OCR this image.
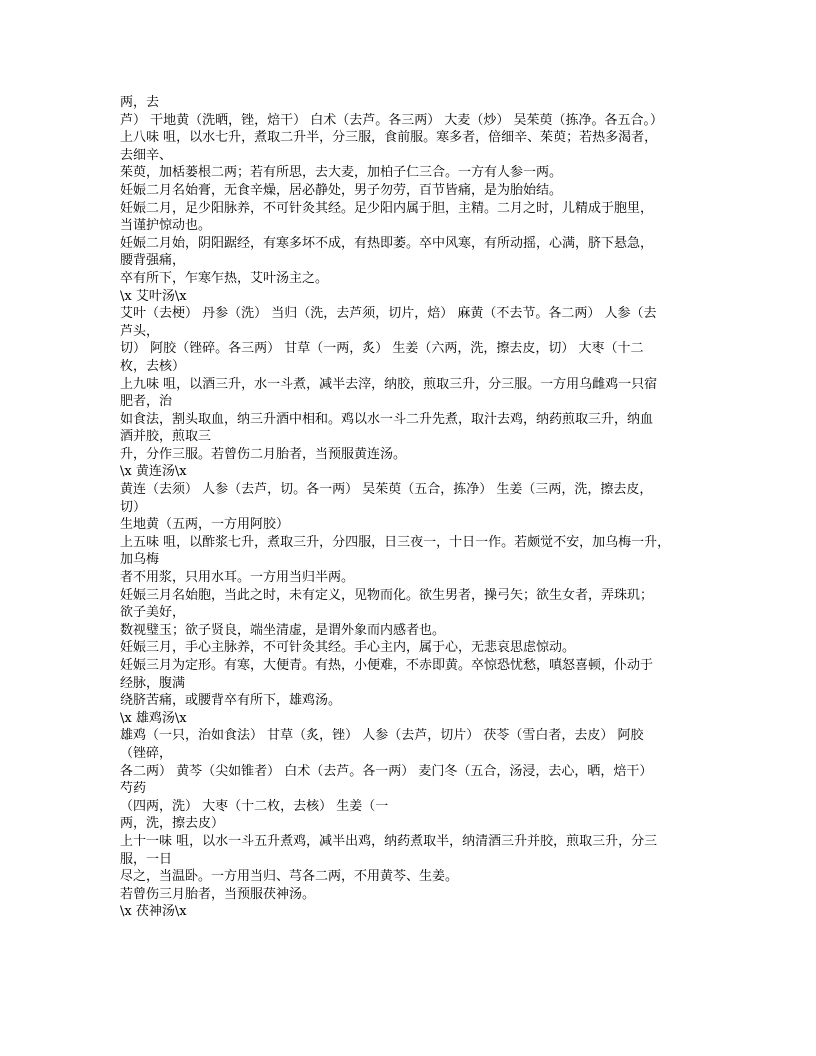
两，去
芦） 干地黄（洗晒，锉，焙干） 白术（去芦。各三两） 大麦（炒） 吴茱萸（拣净。各五合。）
上八味 咀，以水七升，煮取二升半，分三服，食前服。寒多者，倍细辛、茱萸；若热多渴者，
去细辛、
茱萸，加栝蒌根二两；若有所思，去大麦，加柏子仁三合。一方有人参一两。
妊娠二月名始膏，无食辛燥，居必静处，男子勿劳，百节皆痛，是为胎始结。
妊娠二月，足少阳脉养，不可针灸其经。足少阳内属于胆，主精。二月之时，儿精成于胞里，
当谨护惊动也。
妊娠二月始，阴阳踞经，有寒多坏不成，有热即萎。卒中风寒，有所动摇，心满，脐下悬急，
腰背强痛，
卒有所下，乍寒乍热，艾叶汤主之。
\x 艾叶汤\x
艾叶（去梗） 丹参（洗） 当归（洗，去芦须，切片，焙） 麻黄（不去节。各二两） 人参（去
芦头，
切） 阿胶（锉碎。各三两） 甘草（一两，炙） 生姜（六两，洗，擦去皮，切） 大枣（十二
枚，去核）
上九味 咀，以酒三升，水一斗煮，减半去滓，纳胶，煎取三升，分三服。一方用乌雌鸡一只宿
肥者，治
如食法，割头取血，纳三升酒中相和。鸡以水一斗二升先煮，取汁去鸡，纳药煎取三升，纳血
酒并胶，煎取三
升，分作三服。若曾伤二月胎者，当预服黄连汤。
\x 黄连汤\x
黄连（去须） 人参（去芦，切。各一两） 吴茱萸（五合，拣净） 生姜（三两，洗，擦去皮，
切）
生地黄（五两，一方用阿胶）
上五味 咀，以酢浆七升，煮取三升，分四服，日三夜一，十日一作。若颇觉不安，加乌梅一升，
加乌梅
者不用浆，只用水耳。一方用当归半两。
妊娠三月名始胞，当此之时，未有定义，见物而化。欲生男者，操弓矢；欲生女者，弄珠玑；
欲子美好，
数视璧玉；欲子贤良，端坐清虚，是谓外象而内感者也。
妊娠三月，手心主脉养，不可针灸其经。手心主内，属于心，无悲哀思虑惊动。
妊娠三月为定形。有寒，大便青。有热，小便难，不赤即黄。卒惊恐忧愁，嗔怒喜顿，仆动于
经脉，腹满
绕脐苦痛，或腰背卒有所下，雄鸡汤。
\x 雄鸡汤\x
雄鸡（一只，治如食法） 甘草（炙，锉） 人参（去芦，切片） 茯苓（雪白者，去皮） 阿胶
（锉碎，
各二两） 黄芩（尖如锥者） 白术（去芦。各一两） 麦门冬（五合，汤浸，去心，晒，焙干）
芍药
（四两，洗） 大枣（十二枚，去核） 生姜（一
两，洗，擦去皮）
上十一味 咀，以水一斗五升煮鸡，减半出鸡，纳药煮取半，纳清酒三升并胶，煎取三升，分三
服，一日
尽之，当温卧。一方用当归、芎各二两，不用黄芩、生姜。
若曾伤三月胎者，当预服茯神汤。
\x 茯神汤\x
